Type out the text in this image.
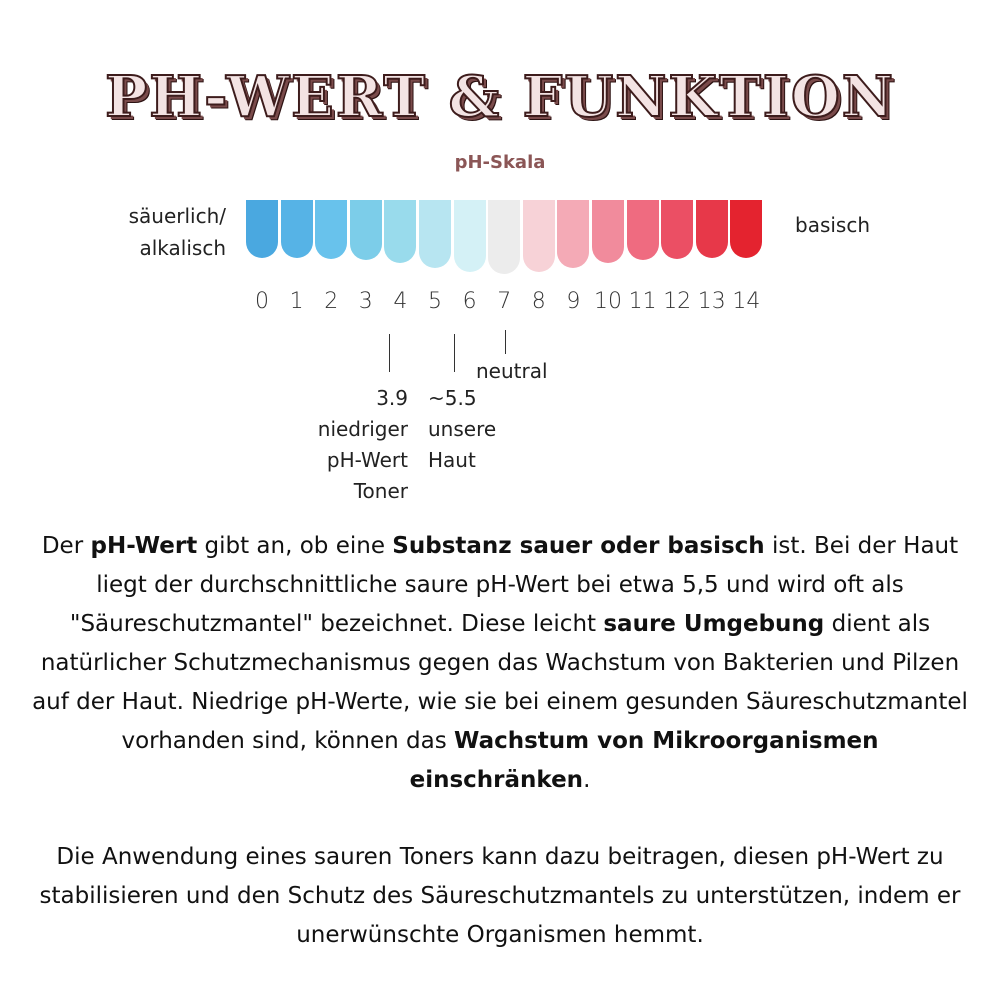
PH-WERT & FUNKTION
pH-Skala
säuerlich/
alkalisch
basisch
0 1 2 3 4 5 6 7 8 9 10 11 12 13 14
neutral
3.9
niedriger
pH-Wert
Toner
~5.5
unsere
Haut
Der pH-Wert gibt an, ob eine Substanz sauer oder basisch ist. Bei der Haut liegt der durchschnittliche saure pH-Wert bei etwa 5,5 und wird oft als "Säureschutzmantel" bezeichnet. Diese leicht saure Umgebung dient als natürlicher Schutzmechanismus gegen das Wachstum von Bakterien und Pilzen auf der Haut. Niedrige pH-Werte, wie sie bei einem gesunden Säureschutzmantel vorhanden sind, können das Wachstum von Mikroorganismen einschränken.
Die Anwendung eines sauren Toners kann dazu beitragen, diesen pH-Wert zu stabilisieren und den Schutz des Säureschutzmantels zu unterstützen, indem er unerwünschte Organismen hemmt.
